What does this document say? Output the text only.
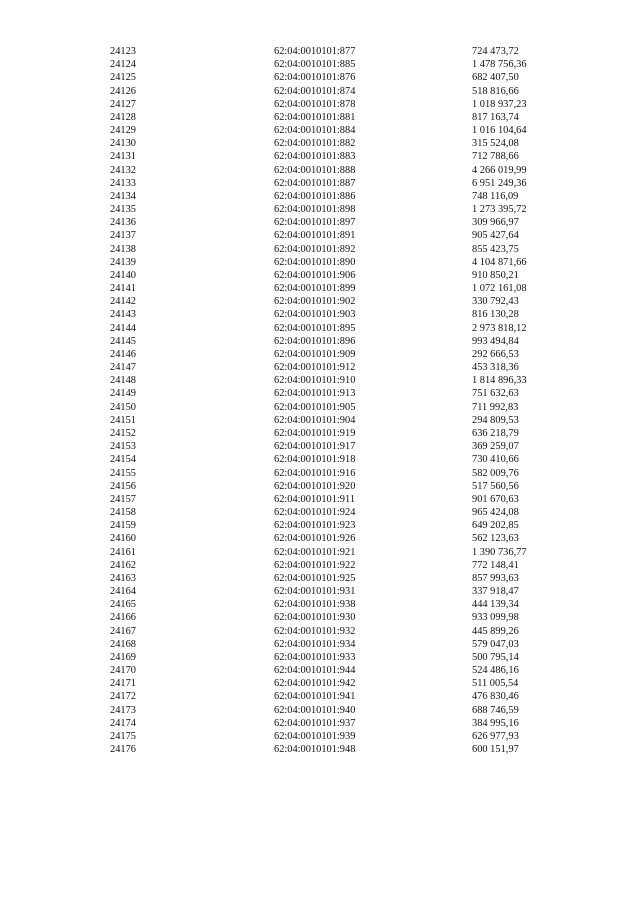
24123	62:04:0010101:877	724 473,72
24124	62:04:0010101:885	1 478 756,36
24125	62:04:0010101:876	682 407,50
24126	62:04:0010101:874	518 816,66
24127	62:04:0010101:878	1 018 937,23
24128	62:04:0010101:881	817 163,74
24129	62:04:0010101:884	1 016 104,64
24130	62:04:0010101:882	315 524,08
24131	62:04:0010101:883	712 788,66
24132	62:04:0010101:888	4 266 019,99
24133	62:04:0010101:887	6 951 249,36
24134	62:04:0010101:886	748 116,09
24135	62:04:0010101:898	1 273 395,72
24136	62:04:0010101:897	309 966,97
24137	62:04:0010101:891	905 427,64
24138	62:04:0010101:892	855 423,75
24139	62:04:0010101:890	4 104 871,66
24140	62:04:0010101:906	910 850,21
24141	62:04:0010101:899	1 072 161,08
24142	62:04:0010101:902	330 792,43
24143	62:04:0010101:903	816 130,28
24144	62:04:0010101:895	2 973 818,12
24145	62:04:0010101:896	993 494,84
24146	62:04:0010101:909	292 666,53
24147	62:04:0010101:912	453 318,36
24148	62:04:0010101:910	1 814 896,33
24149	62:04:0010101:913	751 632,63
24150	62:04:0010101:905	711 992,83
24151	62:04:0010101:904	294 809,53
24152	62:04:0010101:919	636 218,79
24153	62:04:0010101:917	369 259,07
24154	62:04:0010101:918	730 410,66
24155	62:04:0010101:916	582 009,76
24156	62:04:0010101:920	517 560,56
24157	62:04:0010101:911	901 670,63
24158	62:04:0010101:924	965 424,08
24159	62:04:0010101:923	649 202,85
24160	62:04:0010101:926	562 123,63
24161	62:04:0010101:921	1 390 736,77
24162	62:04:0010101:922	772 148,41
24163	62:04:0010101:925	857 993,63
24164	62:04:0010101:931	337 918,47
24165	62:04:0010101:938	444 139,34
24166	62:04:0010101:930	933 099,98
24167	62:04:0010101:932	445 899,26
24168	62:04:0010101:934	579 047,03
24169	62:04:0010101:933	500 795,14
24170	62:04:0010101:944	524 486,16
24171	62:04:0010101:942	511 005,54
24172	62:04:0010101:941	476 830,46
24173	62:04:0010101:940	688 746,59
24174	62:04:0010101:937	384 995,16
24175	62:04:0010101:939	626 977,93
24176	62:04:0010101:948	600 151,97
